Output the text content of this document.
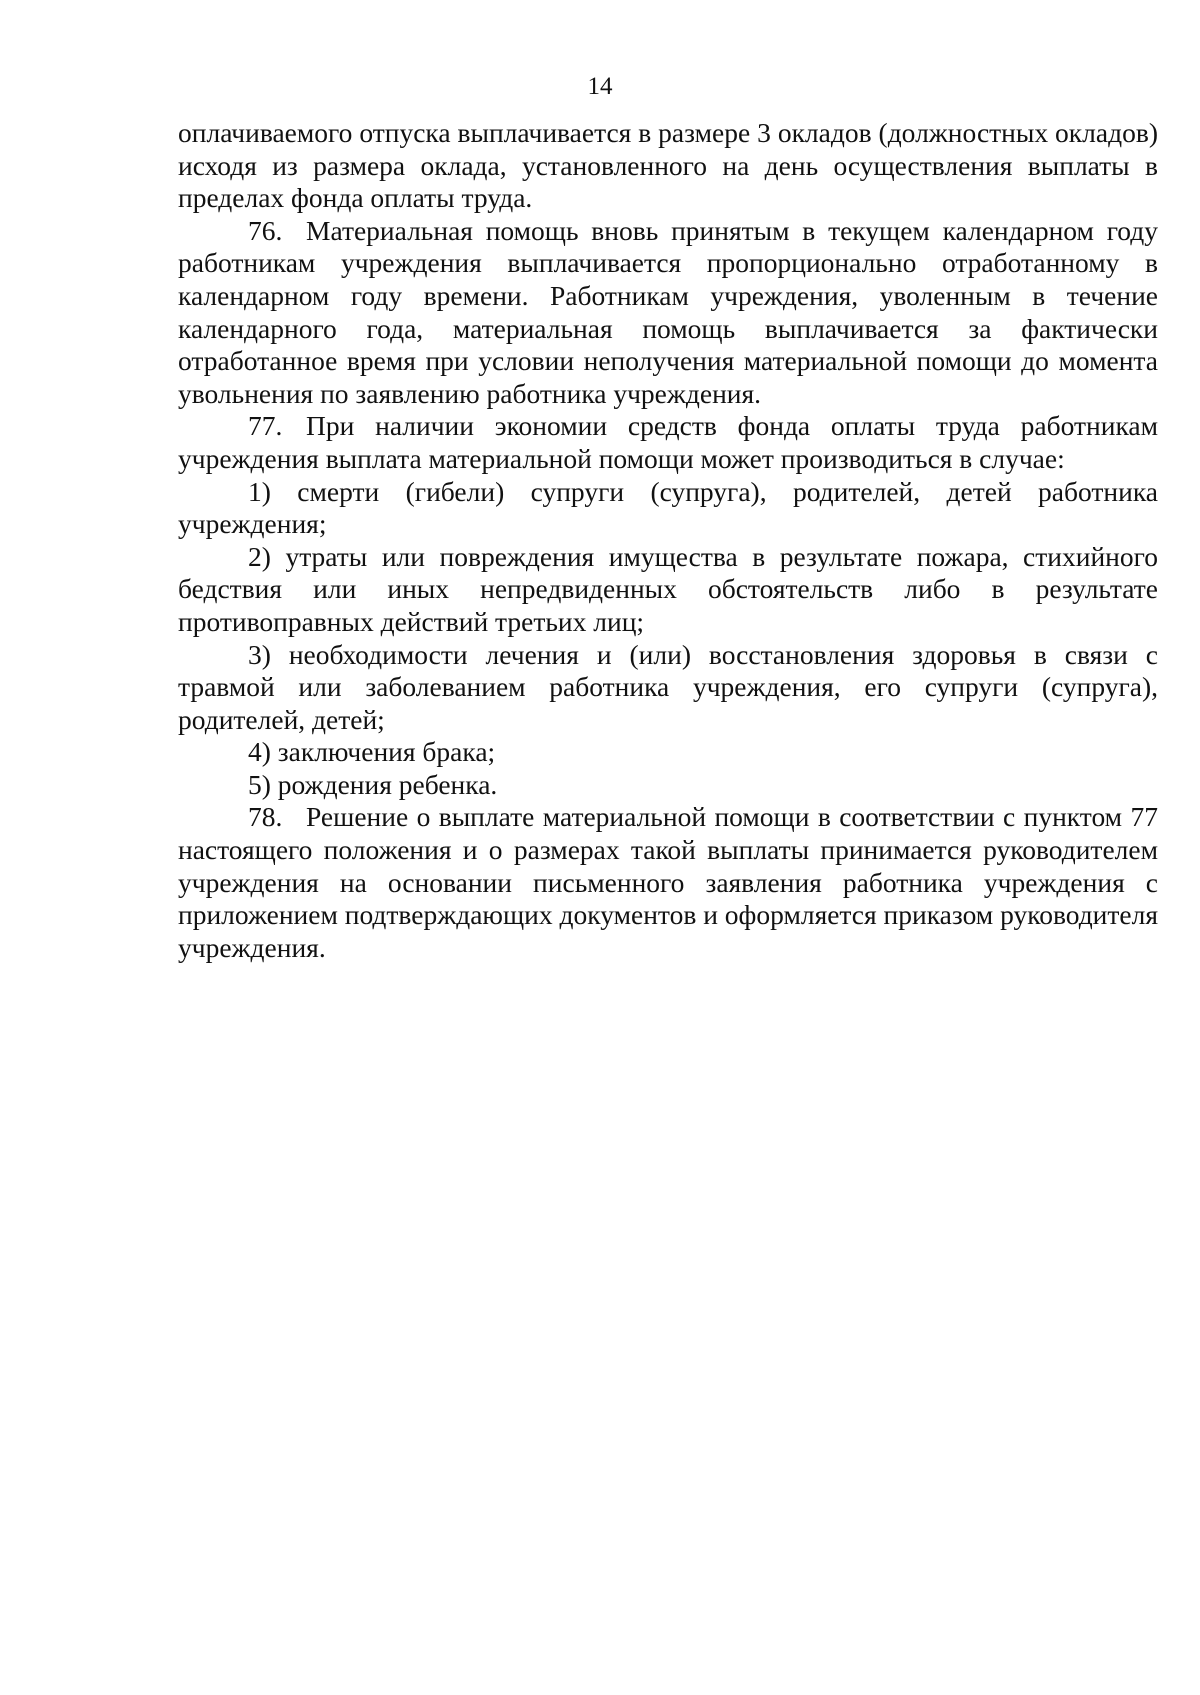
14

оплачиваемого отпуска выплачивается в размере 3 окладов (должностных окладов) исходя из размера оклада, установленного на день осуществления выплаты в пределах фонда оплаты труда.

76. Материальная помощь вновь принятым в текущем календарном году работникам учреждения выплачивается пропорционально отработанному в календарном году времени. Работникам учреждения, уволенным в течение календарного года, материальная помощь выплачивается за фактически отработанное время при условии неполучения материальной помощи до момента увольнения по заявлению работника учреждения.

77. При наличии экономии средств фонда оплаты труда работникам учреждения выплата материальной помощи может производиться в случае:

1) смерти (гибели) супруги (супруга), родителей, детей работника учреждения;

2) утраты или повреждения имущества в результате пожара, стихийного бедствия или иных непредвиденных обстоятельств либо в результате противоправных действий третьих лиц;

3) необходимости лечения и (или) восстановления здоровья в связи с травмой или заболеванием работника учреждения, его супруги (супруга), родителей, детей;

4) заключения брака;

5) рождения ребенка.

78. Решение о выплате материальной помощи в соответствии с пунктом 77 настоящего положения и о размерах такой выплаты принимается руководителем учреждения на основании письменного заявления работника учреждения с приложением подтверждающих документов и оформляется приказом руководителя учреждения.
